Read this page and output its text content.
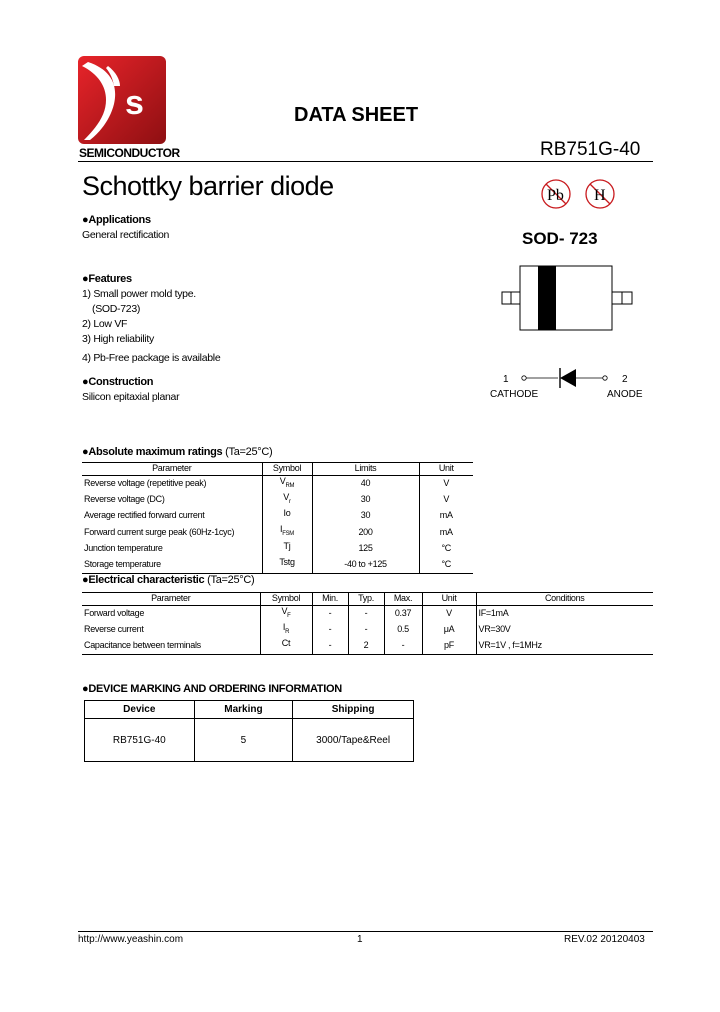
s
SEMICONDUCTOR
DATA SHEET
RB751G-40
Schottky barrier diode	Pb H
SOD- 723
1	2
CATHODE	ANODE
●Applications
General rectification
●Features
1) Small power mold type.
(SOD-723)
2) Low VF
3) High reliability
4) Pb-Free package is available
●Construction
Silicon epitaxial planar
●Absolute maximum ratings (Ta=25°C)
Parameter	Symbol	Limits	Unit
Reverse voltage (repetitive peak)	$V_{RM}$	40	V
Reverse voltage (DC)	$V_r$	30	V
Average rectified forward current	Io	30	mA
Forward current surge peak (60Hz-1cyc)	$I_{FSM}$	200	mA
Junction temperature	Tj	125	°C
Storage temperature	Tstg	-40 to +125	°C
●Electrical characteristic (Ta=25°C)
Parameter	Symbol	Min.	Typ.	Max.	Unit	Conditions
Forward voltage	$V_F$	-	-	0.37	V	IF=1mA
Reverse current	$I_R$	-	-	0.5	μA	VR=30V
Capacitance between terminals	Ct	-	2	-	pF	VR=1V , f=1MHz
●DEVICE MARKING AND ORDERING INFORMATION
Device	Marking	Shipping
RB751G-40	5	3000/Tape&Reel
http://www.yeashin.com	1	REV.02 20120403
